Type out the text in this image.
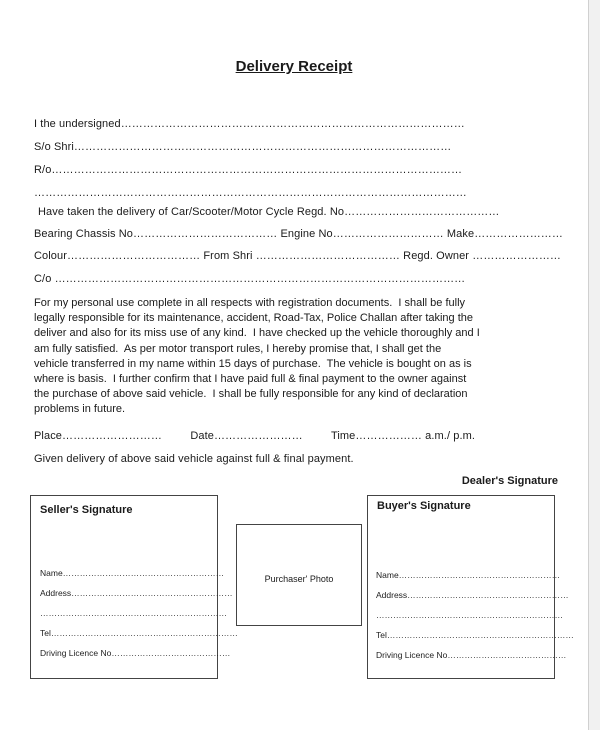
Delivery Receipt
I the undersigned…………………………………………………………………………………
S/o Shri…………………………………………………………………………………………
R/o…………………………………………………………………………………………………
………………………………………………………………………………………………………
Have taken the delivery of Car/Scooter/Motor Cycle Regd. No……………………………………
Bearing Chassis No………………………………… Engine No………………………… Make……………………
Colour……………………………… From Shri ………………………………… Regd. Owner ……………………
C/o …………………………………………………………………………………………………
For my personal use complete in all respects with registration documents.  I shall be fully
legally responsible for its maintenance, accident, Road-Tax, Police Challan after taking the
deliver and also for its miss use of any kind.  I have checked up the vehicle thoroughly and I
am fully satisfied.  As per motor transport rules, I hereby promise that, I shall get the
vehicle transferred in my name within 15 days of purchase.  The vehicle is bought on as is
where is basis.  I further confirm that I have paid full & final payment to the owner against
the purchase of above said vehicle.  I shall be fully responsible for any kind of declaration
problems in future.
Place………………………         Date……………………         Time……………… a.m./ p.m.
Given delivery of above said vehicle against full & final payment.
Dealer's Signature
Seller's Signature
Name…………………………………………………
Address…………………………………………………
…………………………………………………………
Tel…………………………………………………………
Driving Licence No……………………………………
Purchaser' Photo
Buyer's Signature
Name…………………………………………………
Address…………………………………………………
…………………………………………………………
Tel…………………………………………………………
Driving Licence No……………………………………
